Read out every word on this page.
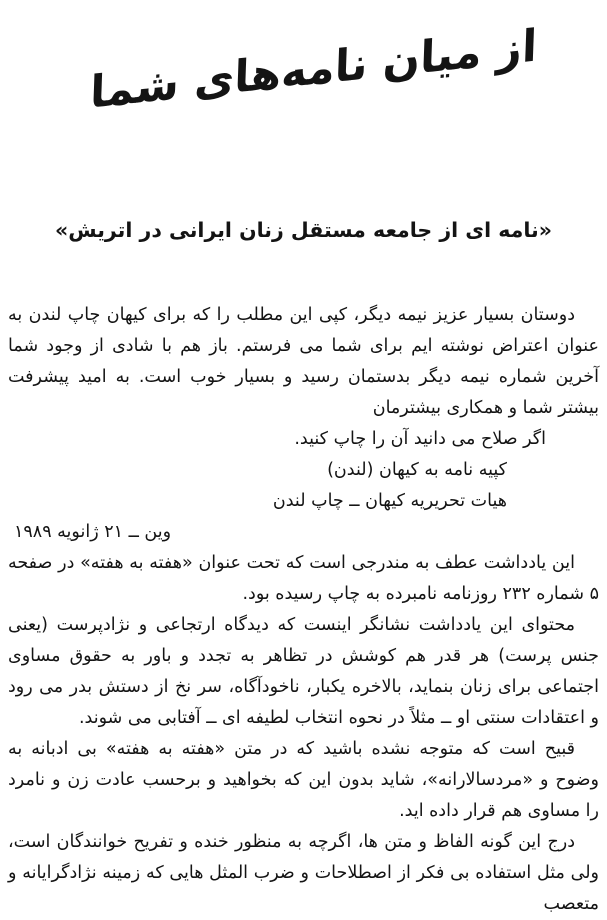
از میان نامه‌های شما
«نامه ای از جامعه مستقل زنان ایرانی در اتریش»

دوستان بسیار عزیز نیمه دیگر، کپی این مطلب را که برای کیهان چاپ لندن به عنوان اعتراض نوشته ایم برای شما می فرستم. باز هم با شادی از وجود شما آخرین شماره نیمه دیگر بدستمان رسید و بسیار خوب است. به امید پیشرفت بیشتر شما و همکاری بیشترمان

اگر صلاح می دانید آن را چاپ کنید.

کپیه نامه به کیهان (لندن)

هیات تحریریه کیهان ــ چاپ لندن

وین ــ ۲۱ ژانویه ۱۹۸۹

این یادداشت عطف به مندرجی است که تحت عنوان «هفته به هفته» در صفحه ۵ شماره ۲۳۲ روزنامه نامبرده به چاپ رسیده بود.

محتوای این یادداشت نشانگر اینست که دیدگاه ارتجاعی و نژادپرست (یعنی جنس پرست) هر قدر هم کوشش در تظاهر به تجدد و باور به حقوق مساوی اجتماعی برای زنان بنماید، بالاخره یکبار، ناخودآگاه، سر نخ از دستش بدر می رود و اعتقادات سنتی او ــ مثلاً در نحوه انتخاب لطیفه ای ــ آفتابی می شوند.

قبیح است که متوجه نشده باشید که در متن «هفته به هفته» بی ادبانه به وضوح و «مردسالارانه»، شاید بدون این که بخواهید و برحسب عادت زن و نامرد را مساوی هم قرار داده اید.

درج این گونه الفاظ و متن ها، اگرچه به منظور خنده و تفریح خوانندگان است، ولی مثل استفاده بی فکر از اصطلاحات و ضرب المثل هایی که زمینه نژادگرایانه و متعصب
